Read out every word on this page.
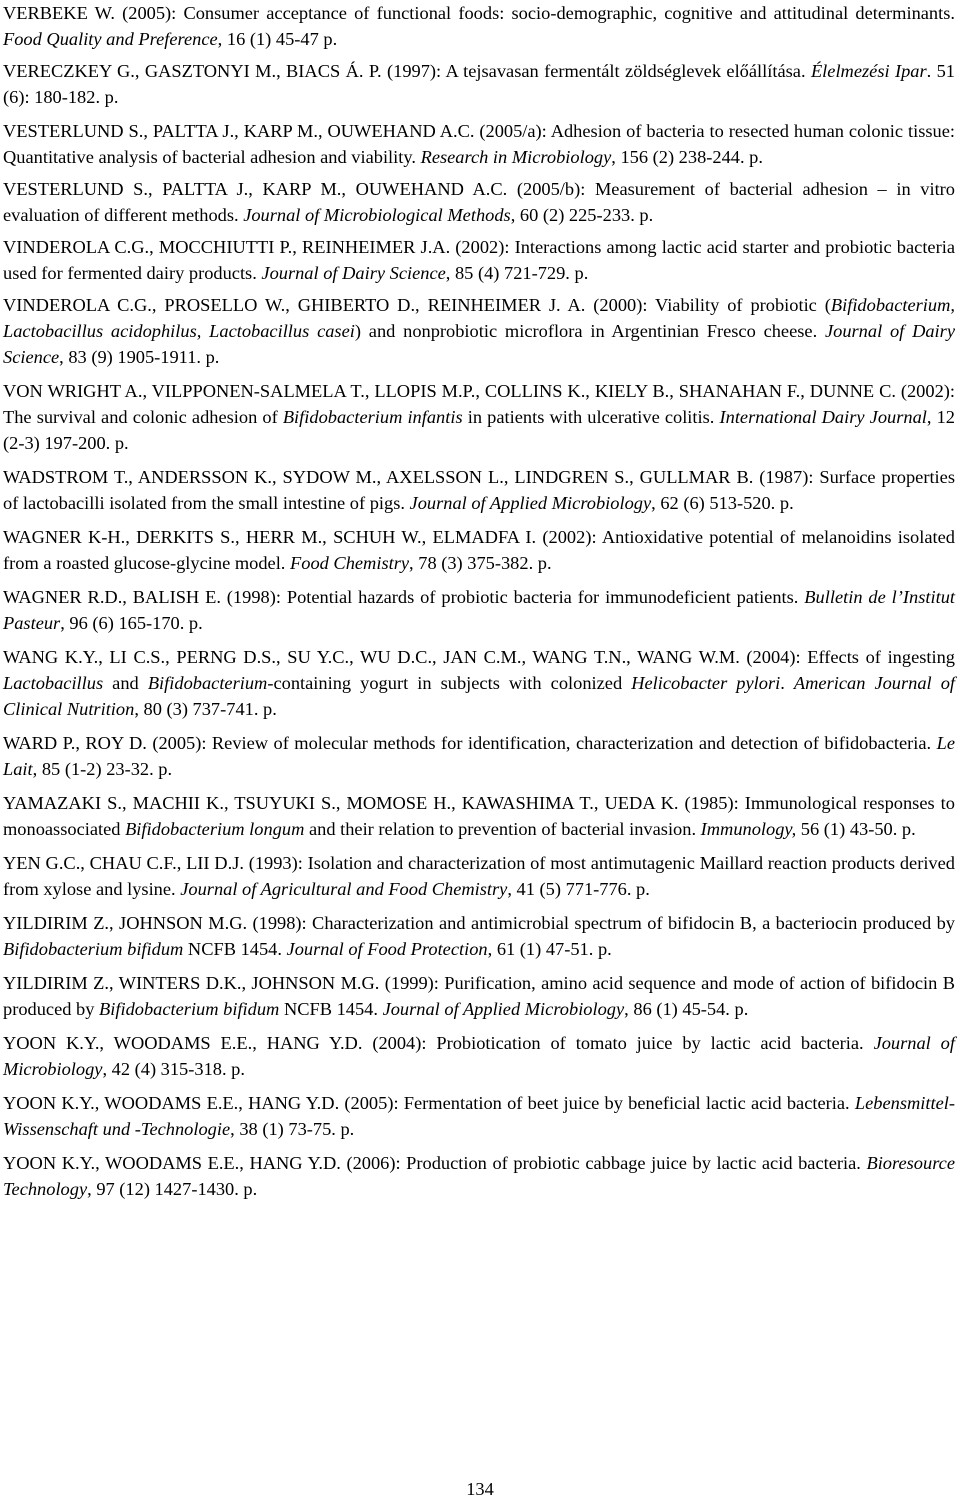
VERBEKE W. (2005): Consumer acceptance of functional foods: socio-demographic, cognitive and attitudinal determinants. Food Quality and Preference, 16 (1) 45-47 p.

VERECZKEY G., GASZTONYI M., BIACS Á. P. (1997): A tejsavasan fermentált zöldséglevek előállítása. Élelmezési Ipar. 51 (6): 180-182. p.

VESTERLUND S., PALTTA J., KARP M., OUWEHAND A.C. (2005/a): Adhesion of bacteria to resected human colonic tissue: Quantitative analysis of bacterial adhesion and viability. Research in Microbiology, 156 (2) 238-244. p.

VESTERLUND S., PALTTA J., KARP M., OUWEHAND A.C. (2005/b): Measurement of bacterial adhesion – in vitro evaluation of different methods. Journal of Microbiological Methods, 60 (2) 225-233. p.

VINDEROLA C.G., MOCCHIUTTI P., REINHEIMER J.A. (2002): Interactions among lactic acid starter and probiotic bacteria used for fermented dairy products. Journal of Dairy Science, 85 (4) 721-729. p.

VINDEROLA C.G., PROSELLO W., GHIBERTO D., REINHEIMER J. A. (2000): Viability of probiotic (Bifidobacterium, Lactobacillus acidophilus, Lactobacillus casei) and nonprobiotic microflora in Argentinian Fresco cheese. Journal of Dairy Science, 83 (9) 1905-1911. p.

VON WRIGHT A., VILPPONEN-SALMELA T., LLOPIS M.P., COLLINS K., KIELY B., SHANAHAN F., DUNNE C. (2002): The survival and colonic adhesion of Bifidobacterium infantis in patients with ulcerative colitis. International Dairy Journal, 12 (2-3) 197-200. p.

WADSTROM T., ANDERSSON K., SYDOW M., AXELSSON L., LINDGREN S., GULLMAR B. (1987): Surface properties of lactobacilli isolated from the small intestine of pigs. Journal of Applied Microbiology, 62 (6) 513-520. p.

WAGNER K-H., DERKITS S., HERR M., SCHUH W., ELMADFA I. (2002): Antioxidative potential of melanoidins isolated from a roasted glucose-glycine model. Food Chemistry, 78 (3) 375-382. p.

WAGNER R.D., BALISH E. (1998): Potential hazards of probiotic bacteria for immunodeficient patients. Bulletin de l’Institut Pasteur, 96 (6) 165-170. p.

WANG K.Y., LI C.S., PERNG D.S., SU Y.C., WU D.C., JAN C.M., WANG T.N., WANG W.M. (2004): Effects of ingesting Lactobacillus and Bifidobacterium-containing yogurt in subjects with colonized Helicobacter pylori. American Journal of Clinical Nutrition, 80 (3) 737-741. p.

WARD P., ROY D. (2005): Review of molecular methods for identification, characterization and detection of bifidobacteria. Le Lait, 85 (1-2) 23-32. p.

YAMAZAKI S., MACHII K., TSUYUKI S., MOMOSE H., KAWASHIMA T., UEDA K. (1985): Immunological responses to monoassociated Bifidobacterium longum and their relation to prevention of bacterial invasion. Immunology, 56 (1) 43-50. p.

YEN G.C., CHAU C.F., LII D.J. (1993): Isolation and characterization of most antimutagenic Maillard reaction products derived from xylose and lysine. Journal of Agricultural and Food Chemistry, 41 (5) 771-776. p.

YILDIRIM Z., JOHNSON M.G. (1998): Characterization and antimicrobial spectrum of bifidocin B, a bacteriocin produced by Bifidobacterium bifidum NCFB 1454. Journal of Food Protection, 61 (1) 47-51. p.

YILDIRIM Z., WINTERS D.K., JOHNSON M.G. (1999): Purification, amino acid sequence and mode of action of bifidocin B produced by Bifidobacterium bifidum NCFB 1454. Journal of Applied Microbiology, 86 (1) 45-54. p.

YOON K.Y., WOODAMS E.E., HANG Y.D. (2004): Probiotication of tomato juice by lactic acid bacteria. Journal of Microbiology, 42 (4) 315-318. p.

YOON K.Y., WOODAMS E.E., HANG Y.D. (2005): Fermentation of beet juice by beneficial lactic acid bacteria. Lebensmittel-Wissenschaft und -Technologie, 38 (1) 73-75. p.

YOON K.Y., WOODAMS E.E., HANG Y.D. (2006): Production of probiotic cabbage juice by lactic acid bacteria. Bioresource Technology, 97 (12) 1427-1430. p.

134
